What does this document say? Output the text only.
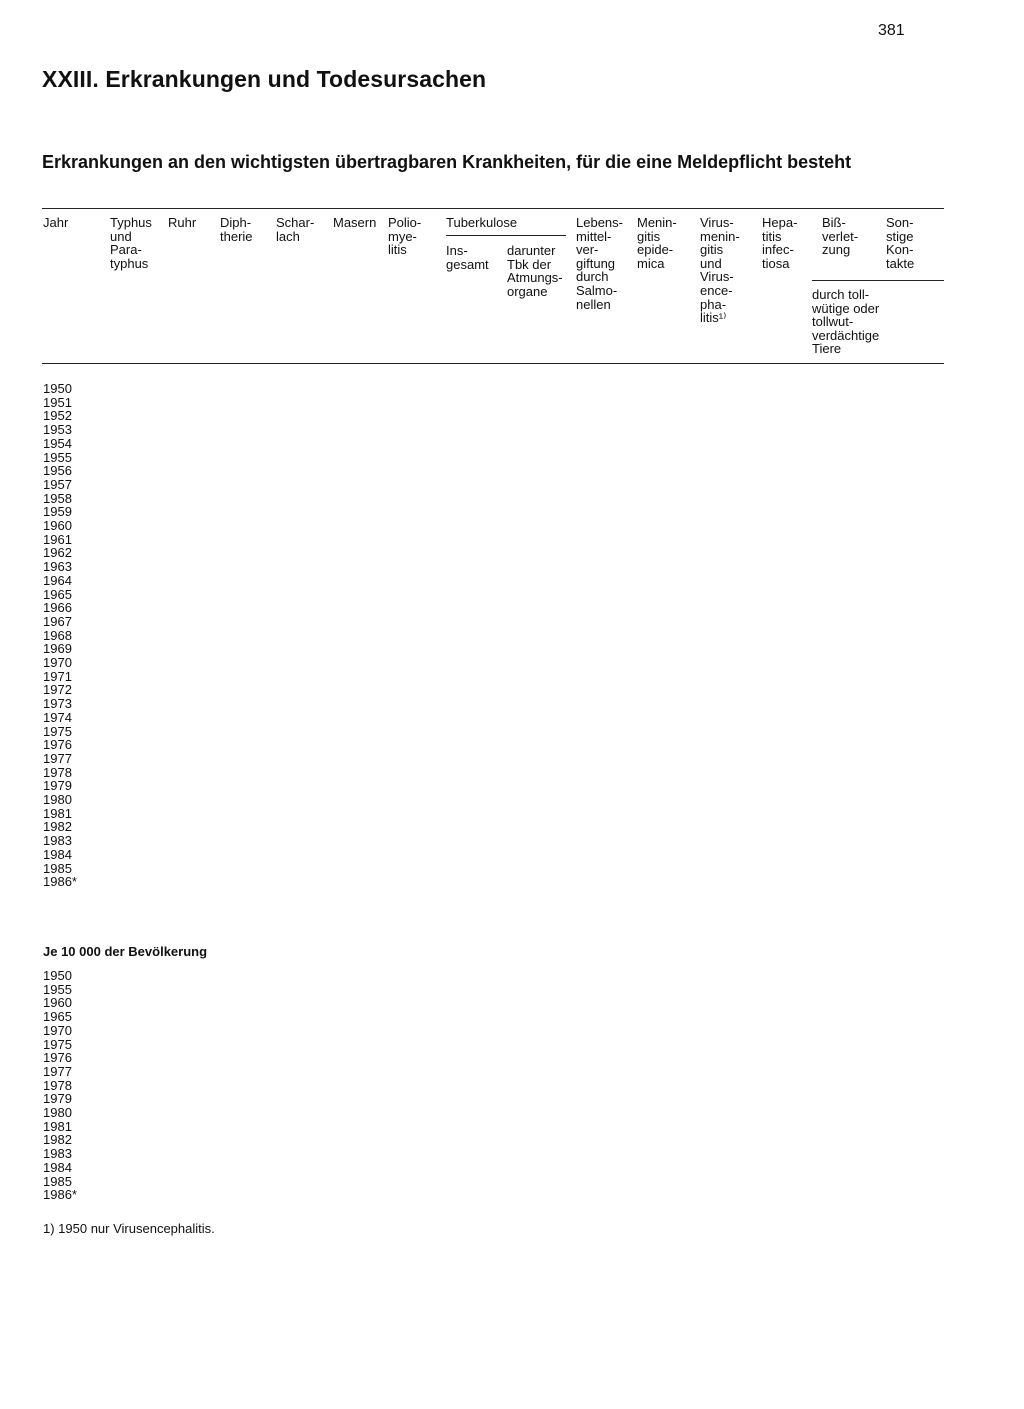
381
XXIII. Erkrankungen und Todesursachen
Erkrankungen an den wichtigsten übertragbaren Krankheiten, für die eine Meldepflicht besteht
Jahr	Typhus
und
Para-
typhus
Ruhr Diph-
therie
Schar-
lach
Masern Polio-
mye-
litis
Tuberkulose
Ins-
gesamt
darunter
Tbk der
Atmungs-
organe
Lebens-
mittel-
ver-
giftung
durch
Salmo-
nellen
Menin-
gitis
epide-
mica
Virus-
menin-
gitis
und
Virus-
ence-
pha-
litis¹⁾
Hepa-
titis
infec-
tiosa
Biß-
verlet-
zung
Son-
stige
Kon-
takte
durch toll-
wütige oder
tollwut-
verdächtige
Tiere
1950
1951
1952
1953
1954
1955
1956
1957
1958
1959
1960
1961
1962
1963
1964
1965
1966
1967
1968
1969
1970
1971
1972
1973
1974
1975
1976
1977
1978
1979
1980
1981
1982
1983
1984
1985
1986*
Je 10 000 der Bevölkerung
1950
1955
1960
1965
1970
1975
1976
1977
1978
1979
1980
1981
1982
1983
1984
1985
1986*
1) 1950 nur Virusencephalitis.
